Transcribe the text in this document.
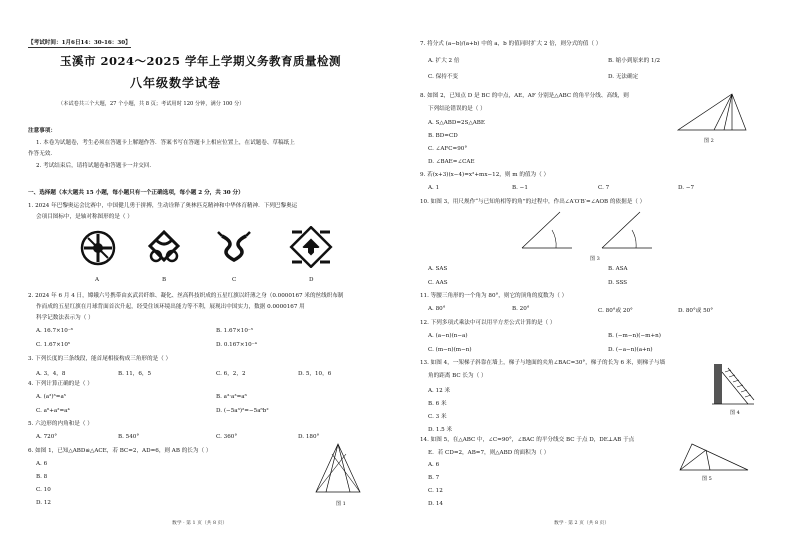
【考试时间：1月6日14：30-16：30】
玉溪市 2024～2025 学年上学期义务教育质量检测
八年级数学试卷
（本试卷共三个大题，27 个小题，共 8 页；考试用时 120 分钟，满分 100 分）
注意事项：
1. 本卷为试题卷，考生必须在答题卡上解题作答．答案书写在答题卡上相应位置上，在试题卷、草稿纸上
作答无效．
2. 考试结束后，请将试题卷和答题卡一并交回．
一、选择题（本大题共 15 小题，每小题只有一个正确选项，每小题 2 分，共 30 分）
1. 2024 年巴黎奥运会比赛中，中国健儿勇于拼搏，生动诠释了奥林匹克精神和中华体育精神．下列巴黎奥运
会项目图标中，是轴对称图形的是（ ）
A	B	C	D
2. 2024 年 6 月 4 日，嫦娥六号携带由玄武岩纤维、凝化、丝高科技织成的五星红旗以纤薄之身（0.0000167 米的丝线织布制
作而成的五星红旗在月球背面首次升起，经受住该环境出能力等不利，展现出中国实力，数据 0.0000167 用
科学记数法表示为（ ）
A. 16.7×10⁻⁶	B. 1.67×10⁻⁵
C. 1.67×10⁵	D. 0.167×10⁻⁴
3. 下列长度的三条线段，能首尾相接构成三角形的是（ ）
A. 3，4，8	B. 11，6，5	C. 6，2，2	D. 5，10，6
4. 下列计算正确的是（ ）
A. (a²)³=a⁵	B. a³·a³=a⁶
C. a⁶+a²=a⁴	D. (−5a³)²=−5a⁶b²
5. 六边形的内角和是（ ）
A. 720°	B. 540°	C. 360°	D. 180°
6. 如图 1，已知△ABD≌△ACE，若 BC=2，AD=6，则 AB 的长为（ ）
A. 6
B. 8
C. 10
D. 12	图 1
数学 · 第 1 页（共 8 页）
7. 将分式 (a−b)/(a+b) 中的 a，b 的值同时扩大 2 倍，则分式的值（ ）
A. 扩大 2 倍	B. 缩小到原来的 1/2
C. 保持不变	D. 无法确定
8. 如图 2，已知点 D 是 BC 的中点，AE，AF 分别是△ABC 的角平分线、高线，则
下列结论错误的是（ ）
A. S△ABD=2S△ABE
B. BD=CD
C. ∠AFC=90°
D. ∠BAE=∠CAE
图 2
9. 若(x+3)(x−4)=x²+mx−12，则 m 的值为（ ）
A. 1	B. −1	C. 7	D. −7
10. 如图 3，用尺规作“与已知角相等的角”的过程中，作出∠A′O′B′=∠AOB 的依据是（ ）
图 3
A. SAS	B. ASA
C. AAS	D. SSS
11. 等腰三角形的一个角为 80°，则它的顶角的度数为（ ）
A. 80°	B. 20°	C. 80°或 20°	D. 80°或 50°
12. 下列多项式乘法中可以用平方差公式计算的是（ ）
A. (a−n)(n−a)	B. (−m−n)(−m+n)
C. (m−n)(m−n)	D. (−a−n)(a+n)
13. 如图 4，一架梯子斜靠在墙上，梯子与地面的夹角∠BAC=30°，梯子的长为 6 米，则梯子与墙
角的距离 BC 长为（ ）
A. 12 米
B. 6 米
C. 3 米
D. 1.5 米
图 4
14. 如图 5，在△ABC 中，∠C=90°，∠BAC 的平分线交 BC 于点 D，DE⊥AB 于点
E．若 CD=2，AB=7，则△ABD 的面积为（ ）
A. 6
B. 7
C. 12
D. 14
图 5
数学 · 第 2 页（共 8 页）
